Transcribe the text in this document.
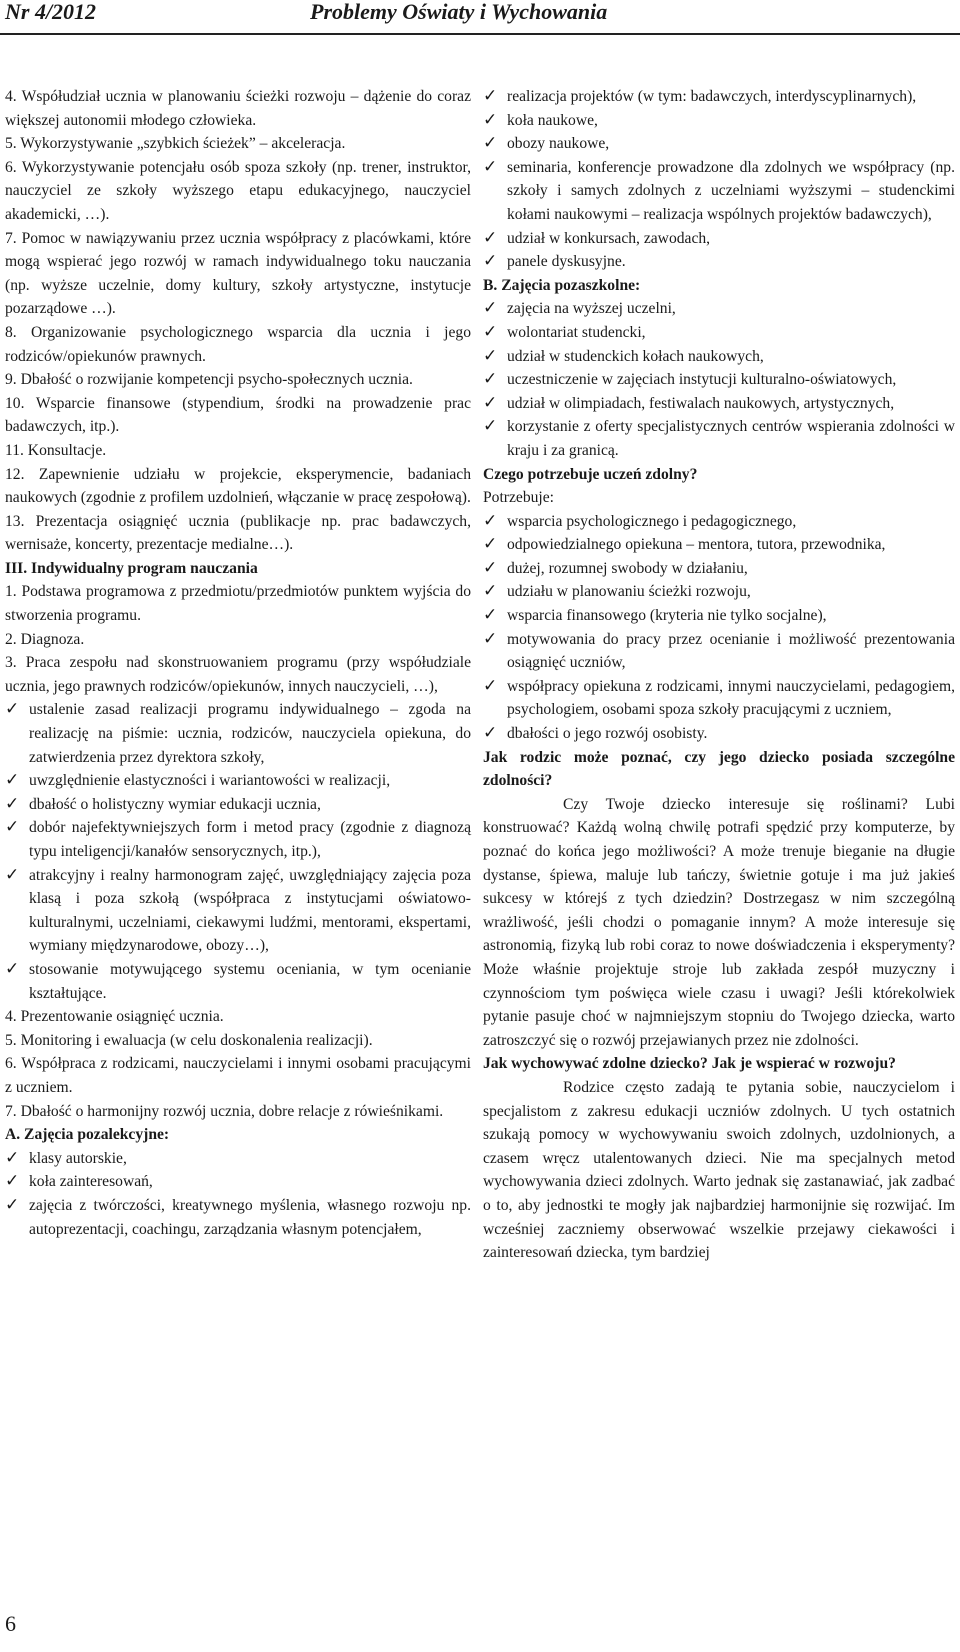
Nr 4/2012	Problemy Oświaty i Wychowania

4. Współudział ucznia w planowaniu ścieżki rozwoju – dążenie do coraz większej autonomii młodego człowieka.

5. Wykorzystywanie „szybkich ścieżek” – akceleracja.

6. Wykorzystywanie potencjału osób spoza szkoły (np. trener, instruktor, nauczyciel ze szkoły wyższego etapu edukacyjnego, nauczyciel akademicki, …).

7. Pomoc w nawiązywaniu przez ucznia współpracy z placówkami, które mogą wspierać jego rozwój w ramach indywidualnego toku nauczania (np. wyższe uczelnie, domy kultury, szkoły artystyczne, instytucje pozarządowe …).

8. Organizowanie psychologicznego wsparcia dla ucznia i jego rodziców/opiekunów prawnych.

9. Dbałość o rozwijanie kompetencji psycho-społecznych ucznia.

10. Wsparcie finansowe (stypendium, środki na prowadzenie prac badawczych, itp.).

11. Konsultacje.

12. Zapewnienie udziału w projekcie, eksperymencie, badaniach naukowych (zgodnie z profilem uzdolnień, włączanie w pracę zespołową).

13. Prezentacja osiągnięć ucznia (publikacje np. prac badawczych, wernisaże, koncerty, prezentacje medialne…).

III. Indywidualny program nauczania

1. Podstawa programowa z przedmiotu/przedmiotów punktem wyjścia do stworzenia programu.

2. Diagnoza.

3. Praca zespołu nad skonstruowaniem programu (przy współudziale ucznia, jego prawnych rodziców/opiekunów, innych nauczycieli, …),

✓ ustalenie zasad realizacji programu indywidualnego – zgoda na realizację na piśmie: ucznia, rodziców, nauczyciela opiekuna, do zatwierdzenia przez dyrektora szkoły,

✓ uwzględnienie elastyczności i wariantowości w realizacji,

✓ dbałość o holistyczny wymiar edukacji ucznia,

✓ dobór najefektywniejszych form i metod pracy (zgodnie z diagnozą typu inteligencji/kanałów sensorycznych, itp.),

✓ atrakcyjny i realny harmonogram zajęć, uwzględniający zajęcia poza klasą i poza szkołą (współpraca z instytucjami oświatowo-kulturalnymi, uczelniami, ciekawymi ludźmi, mentorami, ekspertami, wymiany międzynarodowe, obozy…),

✓ stosowanie motywującego systemu oceniania, w tym ocenianie kształtujące.

4. Prezentowanie osiągnięć ucznia.

5. Monitoring i ewaluacja (w celu doskonalenia realizacji).

6. Współpraca z rodzicami, nauczycielami i innymi osobami pracującymi z uczniem.

7. Dbałość o harmonijny rozwój ucznia, dobre relacje z rówieśnikami.

A. Zajęcia pozalekcyjne:

✓ klasy autorskie,

✓ koła zainteresowań,

✓ zajęcia z twórczości, kreatywnego myślenia, własnego rozwoju np. autoprezentacji, coachingu, zarządzania własnym potencjałem,

✓ realizacja projektów (w tym: badawczych, interdyscyplinarnych),

✓ koła naukowe,

✓ obozy naukowe,

✓ seminaria, konferencje prowadzone dla zdolnych we współpracy (np. szkoły i samych zdolnych z uczelniami wyższymi – studenckimi kołami naukowymi – realizacja wspólnych projektów badawczych),

✓ udział w konkursach, zawodach,

✓ panele dyskusyjne.

B. Zajęcia pozaszkolne:

✓ zajęcia na wyższej uczelni,

✓ wolontariat studencki,

✓ udział w studenckich kołach naukowych,

✓ uczestniczenie w zajęciach instytucji kulturalno-oświatowych,

✓ udział w olimpiadach, festiwalach naukowych, artystycznych,

✓ korzystanie z oferty specjalistycznych centrów wspierania zdolności w kraju i za granicą.

Czego potrzebuje uczeń zdolny?

Potrzebuje:

✓ wsparcia psychologicznego i pedagogicznego,

✓ odpowiedzialnego opiekuna – mentora, tutora, przewodnika,

✓ dużej, rozumnej swobody w działaniu,

✓ udziału w planowaniu ścieżki rozwoju,

✓ wsparcia finansowego (kryteria nie tylko socjalne),

✓ motywowania do pracy przez ocenianie i możliwość prezentowania osiągnięć uczniów,

✓ współpracy opiekuna z rodzicami, innymi nauczycielami, pedagogiem, psychologiem, osobami spoza szkoły pracującymi z uczniem,

✓ dbałości o jego rozwój osobisty.

Jak rodzic może poznać, czy jego dziecko posiada szczególne zdolności?

Czy Twoje dziecko interesuje się roślinami? Lubi konstruować? Każdą wolną chwilę potrafi spędzić przy komputerze, by poznać do końca jego możliwości? A może trenuje bieganie na długie dystanse, śpiewa, maluje lub tańczy, świetnie gotuje i ma już jakieś sukcesy w którejś z tych dziedzin? Dostrzegasz w nim szczególną wrażliwość, jeśli chodzi o pomaganie innym? A może interesuje się astronomią, fizyką lub robi coraz to nowe doświadczenia i eksperymenty? Może właśnie projektuje stroje lub zakłada zespół muzyczny i czynnościom tym poświęca wiele czasu i uwagi? Jeśli którekolwiek pytanie pasuje choć w najmniejszym stopniu do Twojego dziecka, warto zatroszczyć się o rozwój przejawianych przez nie zdolności.

Jak wychowywać zdolne dziecko? Jak je wspierać w rozwoju?

Rodzice często zadają te pytania sobie, nauczycielom i specjalistom z zakresu edukacji uczniów zdolnych. U tych ostatnich szukają pomocy w wychowywaniu swoich zdolnych, uzdolnionych, a czasem wręcz utalentowanych dzieci. Nie ma specjalnych metod wychowywania dzieci zdolnych. Warto jednak się zastanawiać, jak zadbać o to, aby jednostki te mogły jak najbardziej harmonijnie się rozwijać. Im wcześniej zaczniemy obserwować wszelkie przejawy ciekawości i zainteresowań dziecka, tym bardziej

6
